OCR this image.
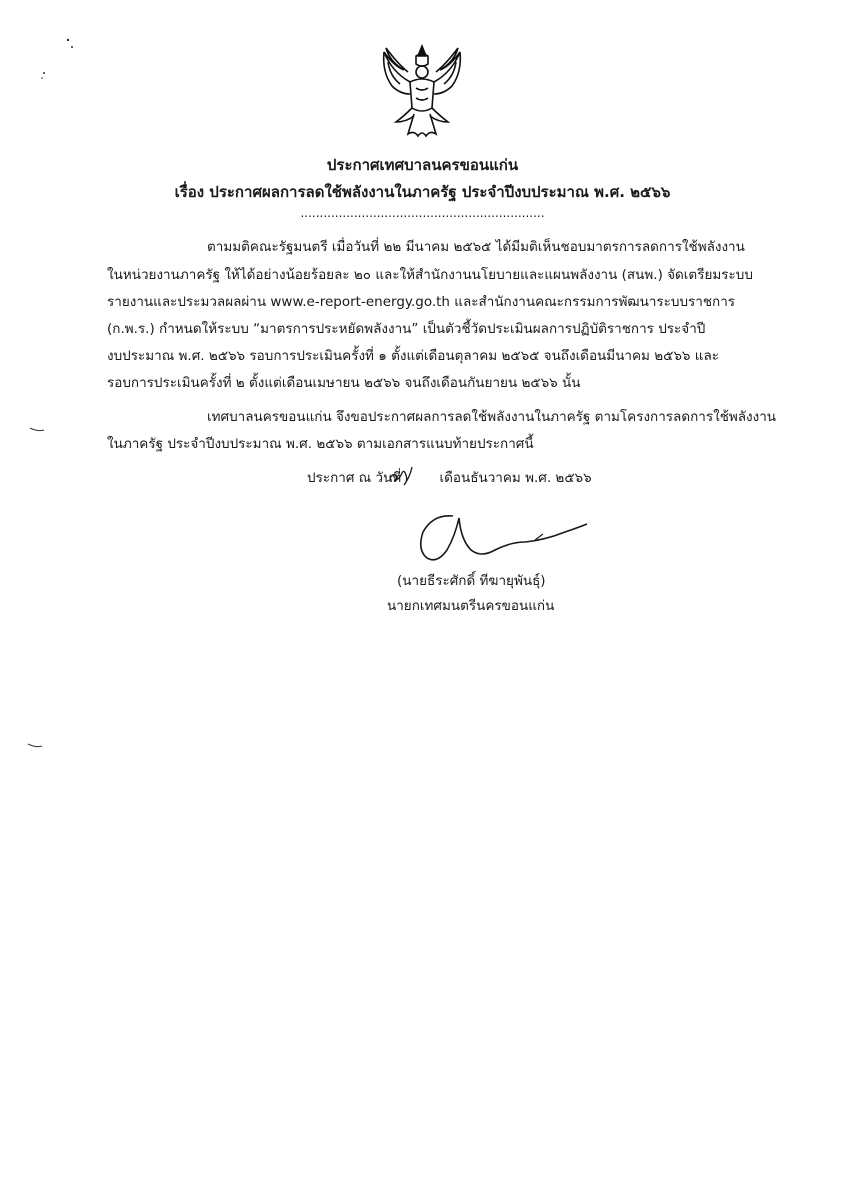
ประกาศเทศบาลนครขอนแก่น
เรื่อง ประกาศผลการลดใช้พลังงานในภาครัฐ ประจำปีงบประมาณ พ.ศ. ๒๕๖๖
................................................................
ตามมติคณะรัฐมนตรี เมื่อวันที่ ๒๒ มีนาคม ๒๕๖๕ ได้มีมติเห็นชอบมาตรการลดการใช้พลังงาน
ในหน่วยงานภาครัฐ ให้ได้อย่างน้อยร้อยละ ๒๐ และให้สำนักงานนโยบายและแผนพลังงาน (สนพ.) จัดเตรียมระบบ
รายงานและประมวลผลผ่าน www.e-report-energy.go.th และสำนักงานคณะกรรมการพัฒนาระบบราชการ
(ก.พ.ร.) กำหนดให้ระบบ “มาตรการประหยัดพลังงาน” เป็นตัวชี้วัดประเมินผลการปฏิบัติราชการ ประจำปี
งบประมาณ พ.ศ. ๒๕๖๖ รอบการประเมินครั้งที่ ๑ ตั้งแต่เดือนตุลาคม ๒๕๖๕ จนถึงเดือนมีนาคม ๒๕๖๖ และ
รอบการประเมินครั้งที่ ๒ ตั้งแต่เดือนเมษายน ๒๕๖๖ จนถึงเดือนกันยายน ๒๕๖๖ นั้น
เทศบาลนครขอนแก่น จึงขอประกาศผลการลดใช้พลังงานในภาครัฐ ตามโครงการลดการใช้พลังงาน
ในภาครัฐ ประจำปีงบประมาณ พ.ศ. ๒๕๖๖ ตามเอกสารแนบท้ายประกาศนี้
ประกาศ ณ วันที่	เดือนธันวาคม พ.ศ. ๒๕๖๖
(นายธีระศักดิ์ ทีฆายุพันธุ์)
นายกเทศมนตรีนครขอนแก่น
